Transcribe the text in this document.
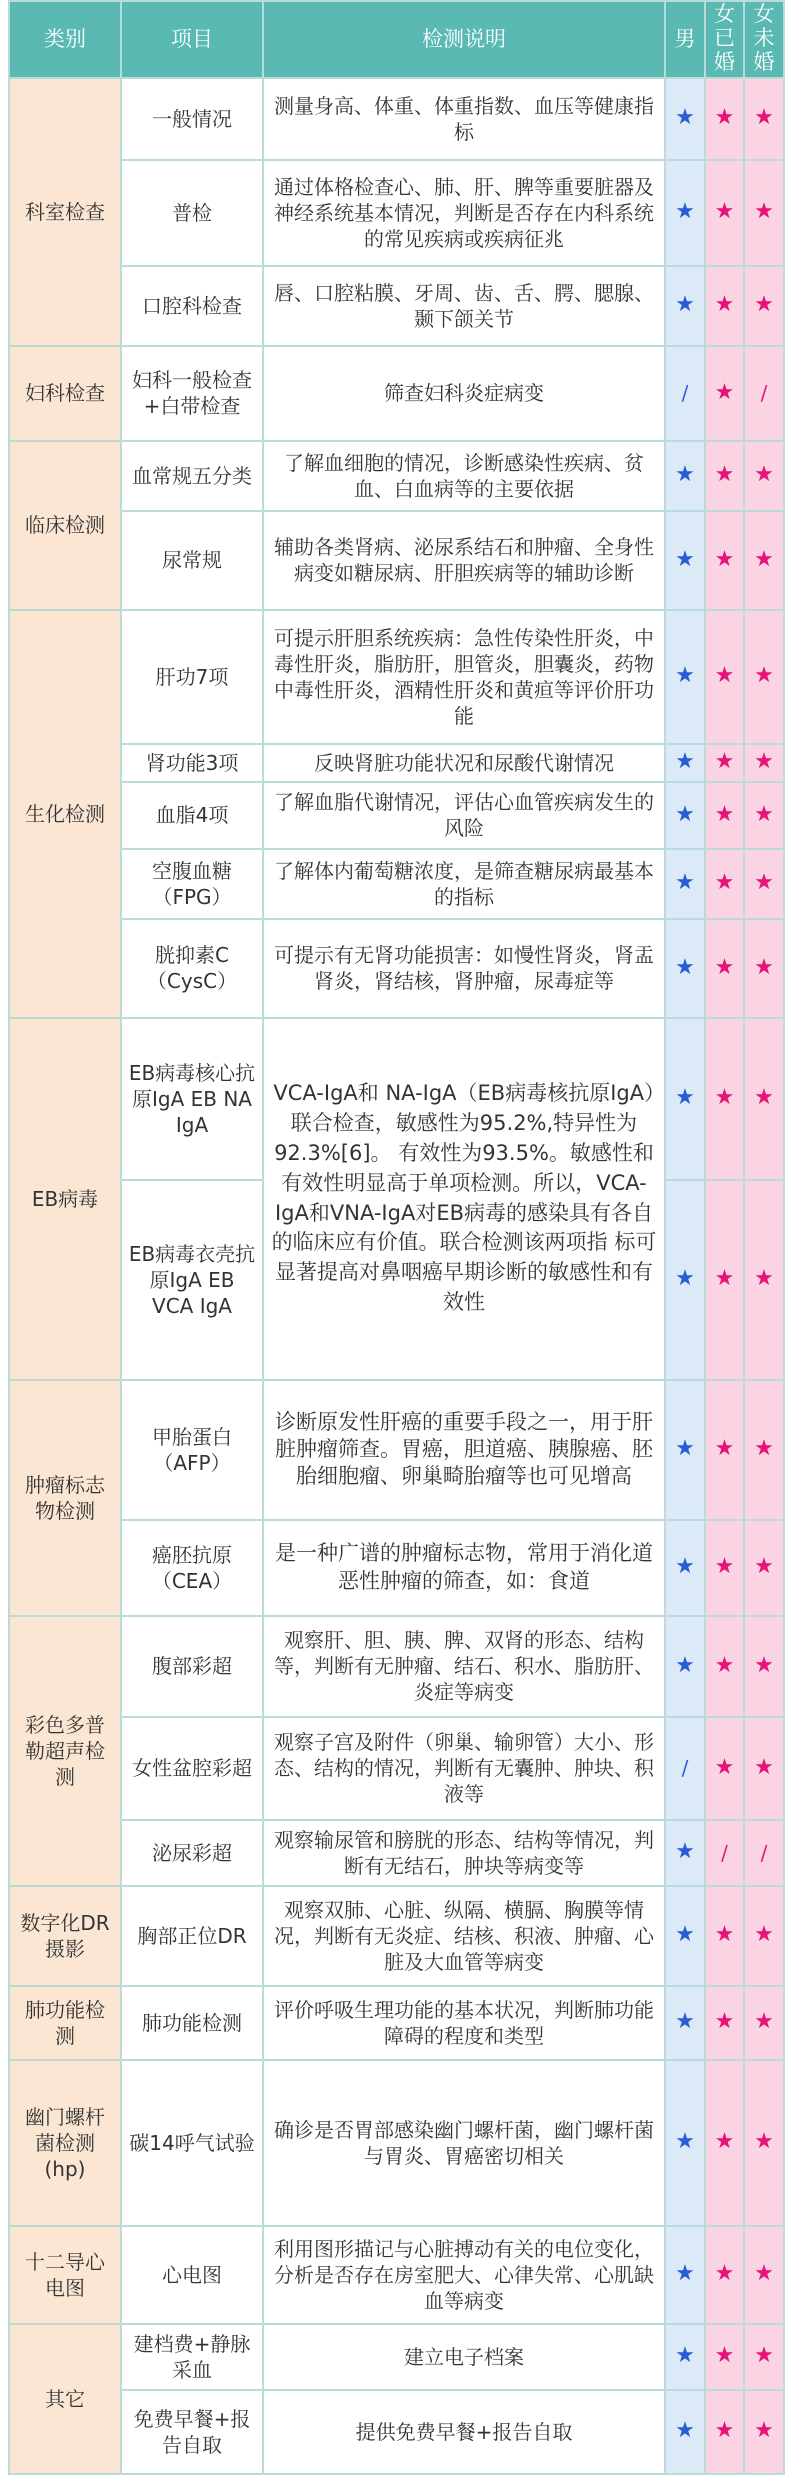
类别	项目	检测说明	男	女已婚	女未婚
科室检查	一般情况	测量身高、体重、体重指数、血压等健康指标	★	★	★
	普检	通过体格检查心、肺、肝、脾等重要脏器及神经系统基本情况，判断是否存在内科系统的常见疾病或疾病征兆	★	★	★
	口腔科检查	唇、口腔粘膜、牙周、齿、舌、腭、腮腺、颞下颌关节	★	★	★
妇科检查	妇科一般检查+白带检查	筛查妇科炎症病变	/	★	/
临床检测	血常规五分类	了解血细胞的情况，诊断感染性疾病、贫血、白血病等的主要依据	★	★	★
	尿常规	辅助各类肾病、泌尿系结石和肿瘤、全身性病变如糖尿病、肝胆疾病等的辅助诊断	★	★	★
生化检测	肝功7项	可提示肝胆系统疾病：急性传染性肝炎，中毒性肝炎，脂肪肝，胆管炎，胆囊炎，药物中毒性肝炎，酒精性肝炎和黄疸等评价肝功能	★	★	★
	肾功能3项	反映肾脏功能状况和尿酸代谢情况	★	★	★
	血脂4项	了解血脂代谢情况，评估心血管疾病发生的风险	★	★	★
	空腹血糖（FPG）	了解体内葡萄糖浓度，是筛查糖尿病最基本的指标	★	★	★
	胱抑素C（CysC）	可提示有无肾功能损害：如慢性肾炎，肾盂肾炎，肾结核，肾肿瘤，尿毒症等	★	★	★
EB病毒	EB病毒核心抗原IgA EB NA IgA	VCA-IgA和 NA-IgA（EB病毒核抗原IgA）联合检查，敏感性为95.2%,特异性为92.3%[6]。 有效性为93.5%。敏感性和有效性明显高于单项检测。所以，VCA-IgA和VNA-IgA对EB病毒的感染具有各自的临床应有价值。联合检测该两项指 标可显著提高对鼻咽癌早期诊断的敏感性和有效性	★	★	★
	EB病毒衣壳抗原IgA EB VCA IgA		★	★	★
肿瘤标志物检测	甲胎蛋白（AFP）	诊断原发性肝癌的重要手段之一，用于肝脏肿瘤筛查。胃癌，胆道癌、胰腺癌、胚胎细胞瘤、卵巢畸胎瘤等也可见增高	★	★	★
	癌胚抗原（CEA）	是一种广谱的肿瘤标志物，常用于消化道恶性肿瘤的筛查，如：食道	★	★	★
彩色多普勒超声检测	腹部彩超	观察肝、胆、胰、脾、双肾的形态、结构等，判断有无肿瘤、结石、积水、脂肪肝、炎症等病变	★	★	★
	女性盆腔彩超	观察子宫及附件（卵巢、输卵管）大小、形态、结构的情况，判断有无囊肿、肿块、积液等	/	★	★
	泌尿彩超	观察输尿管和膀胱的形态、结构等情况，判断有无结石，肿块等病变等	★	/	/
数字化DR摄影	胸部正位DR	观察双肺、心脏、纵隔、横膈、胸膜等情况，判断有无炎症、结核、积液、肿瘤、心脏及大血管等病变	★	★	★
肺功能检测	肺功能检测	评价呼吸生理功能的基本状况，判断肺功能障碍的程度和类型	★	★	★
幽门螺杆菌检测(hp)	碳14呼气试验	确诊是否胃部感染幽门螺杆菌，幽门螺杆菌与胃炎、胃癌密切相关	★	★	★
十二导心电图	心电图	利用图形描记与心脏搏动有关的电位变化，分析是否存在房室肥大、心律失常、心肌缺血等病变	★	★	★
其它	建档费+静脉采血	建立电子档案	★	★	★
	免费早餐+报告自取	提供免费早餐+报告自取	★	★	★
